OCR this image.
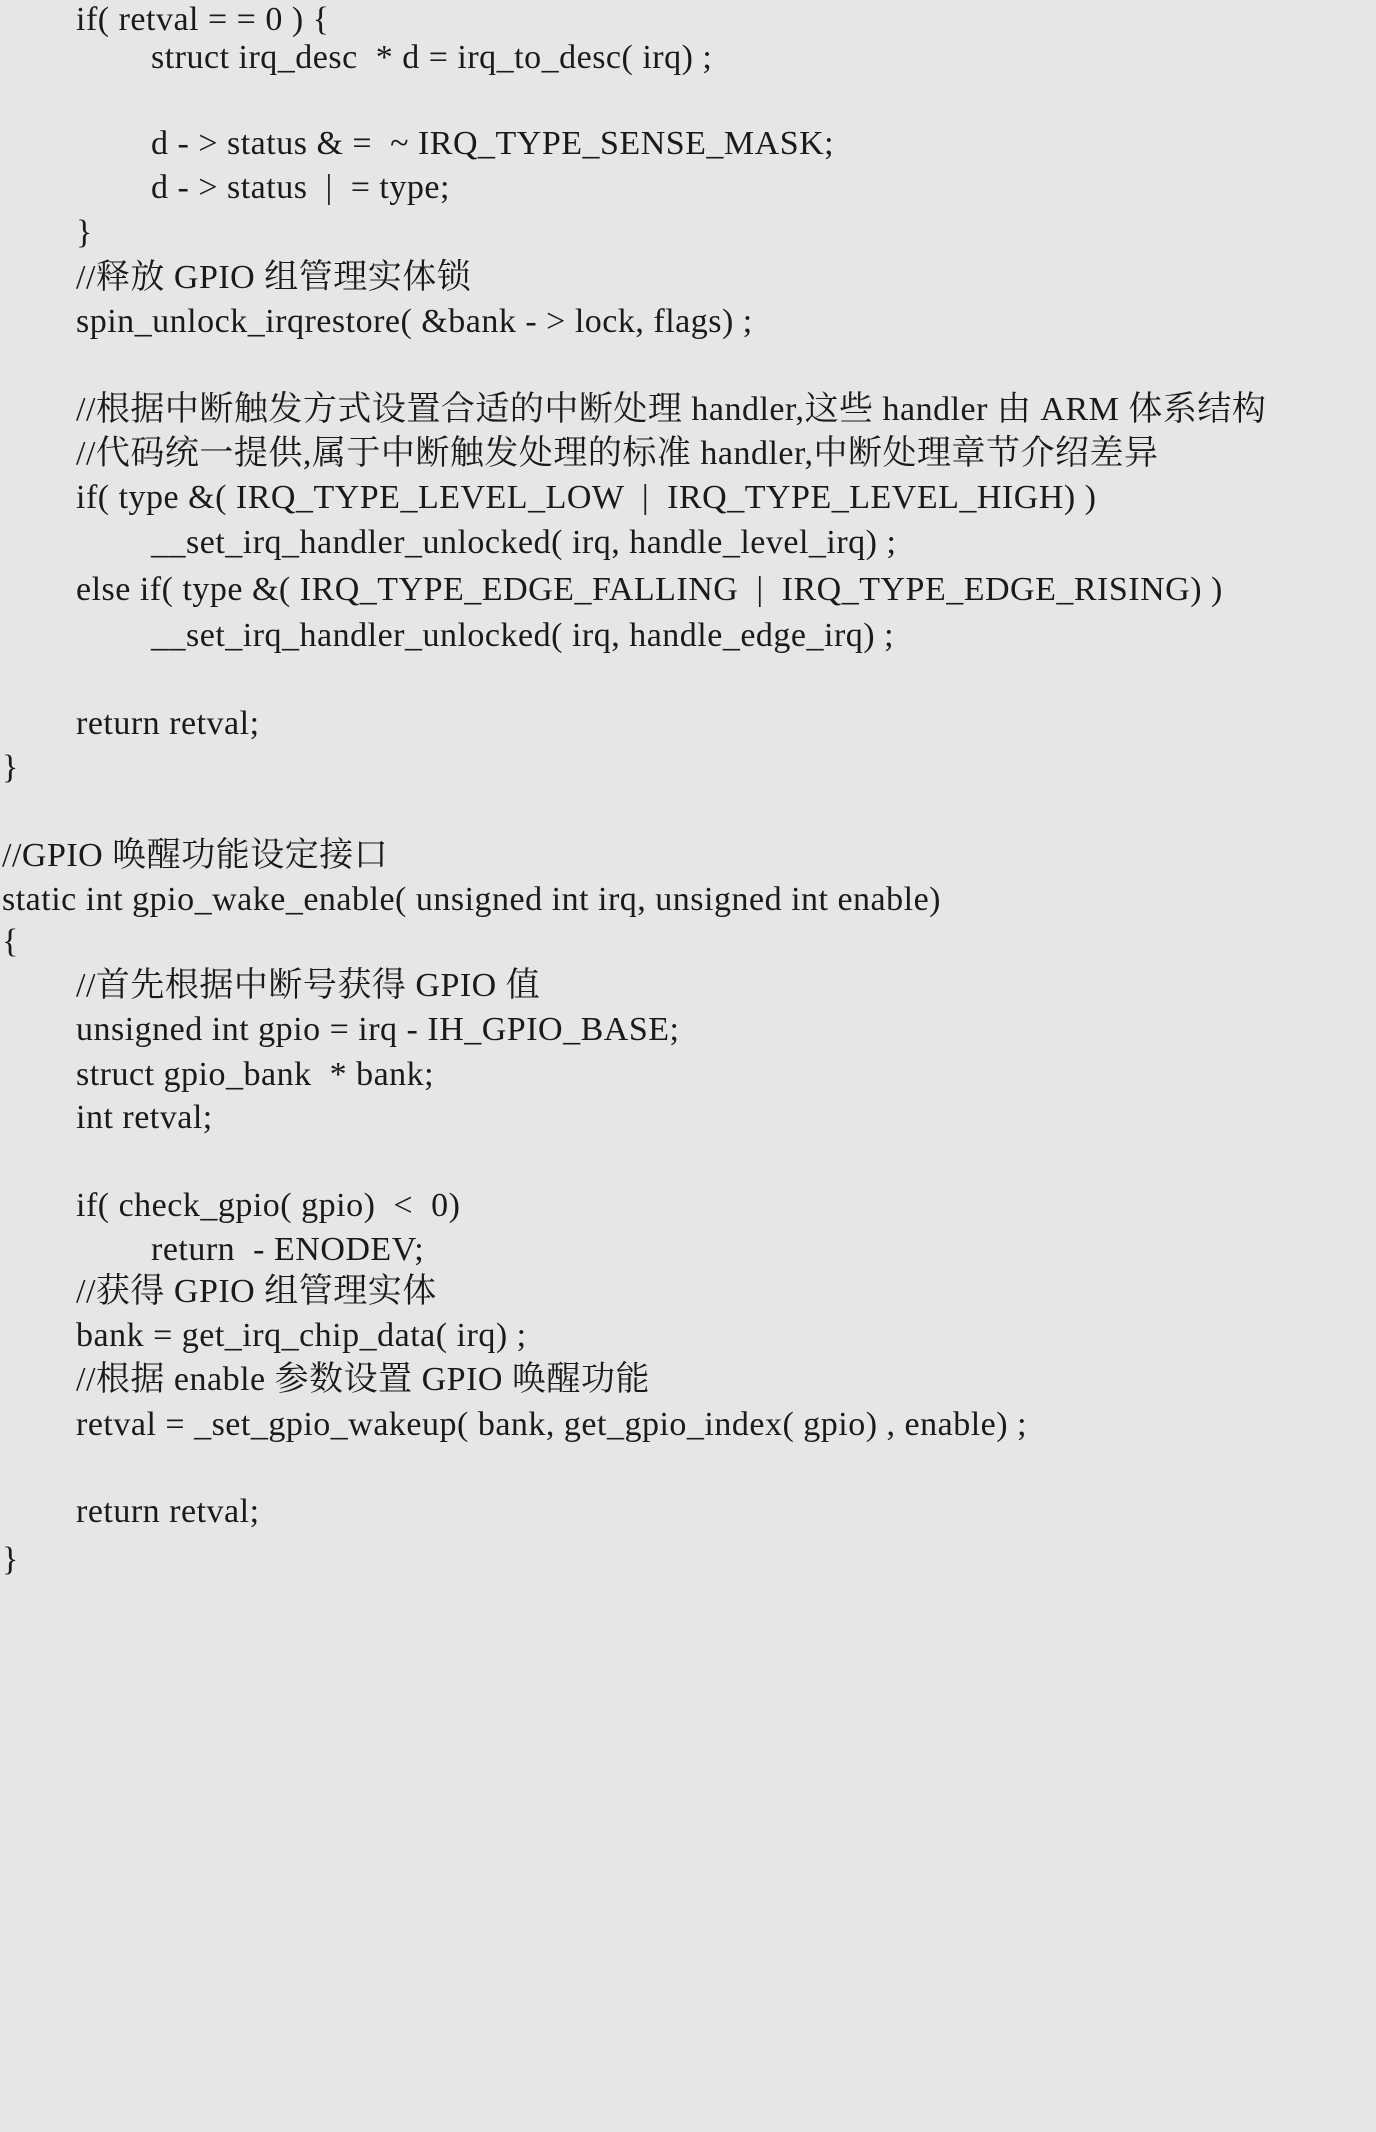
if( retval = = 0 ) {
struct irq_desc  * d = irq_to_desc( irq) ;
d - > status & =  ~ IRQ_TYPE_SENSE_MASK;
d - > status  |  = type;
}
//释放 GPIO 组管理实体锁
spin_unlock_irqrestore( &bank - > lock, flags) ;
//根据中断触发方式设置合适的中断处理 handler,这些 handler 由 ARM 体系结构
//代码统一提供,属于中断触发处理的标准 handler,中断处理章节介绍差异
if( type &( IRQ_TYPE_LEVEL_LOW  |  IRQ_TYPE_LEVEL_HIGH) )
__set_irq_handler_unlocked( irq, handle_level_irq) ;
else if( type &( IRQ_TYPE_EDGE_FALLING  |  IRQ_TYPE_EDGE_RISING) )
__set_irq_handler_unlocked( irq, handle_edge_irq) ;
return retval;
}
//GPIO 唤醒功能设定接口
static int gpio_wake_enable( unsigned int irq, unsigned int enable)
{
//首先根据中断号获得 GPIO 值
unsigned int gpio = irq - IH_GPIO_BASE;
struct gpio_bank  * bank;
int retval;
if( check_gpio( gpio)  <  0)
return  - ENODEV;
//获得 GPIO 组管理实体
bank = get_irq_chip_data( irq) ;
//根据 enable 参数设置 GPIO 唤醒功能
retval = _set_gpio_wakeup( bank, get_gpio_index( gpio) , enable) ;
return retval;
}
